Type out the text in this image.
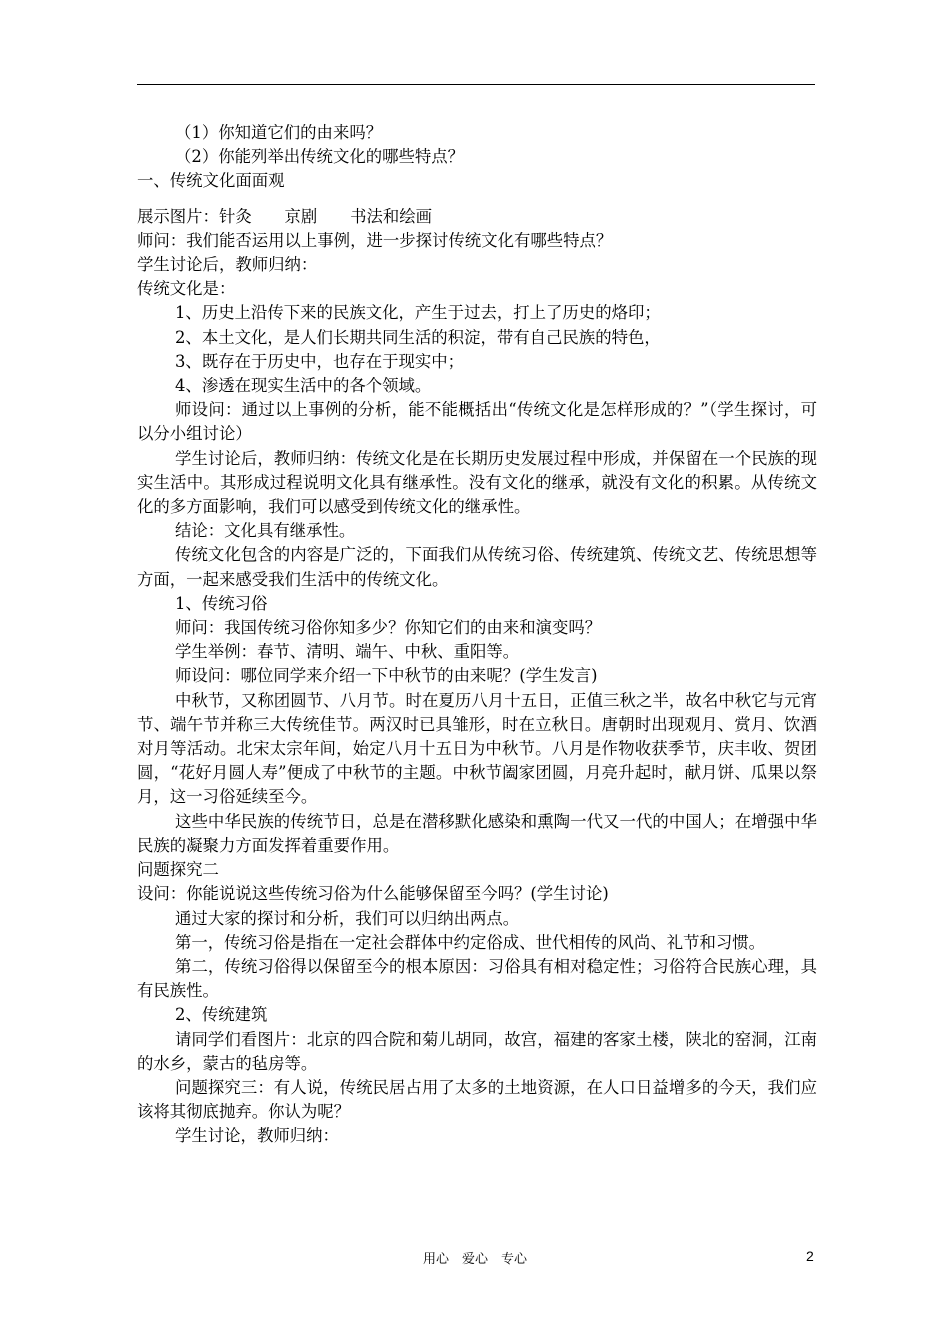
（1）你知道它们的由来吗？

（2）你能列举出传统文化的哪些特点？

一、传统文化面面观

展示图片：针灸　　京剧　　书法和绘画

师问：我们能否运用以上事例，进一步探讨传统文化有哪些特点？

学生讨论后，教师归纳：

传统文化是：

1、历史上沿传下来的民族文化，产生于过去，打上了历史的烙印；

2、本土文化，是人们长期共同生活的积淀，带有自己民族的特色，

3、既存在于历史中，也存在于现实中；

4、渗透在现实生活中的各个领域。

师设问：通过以上事例的分析，能不能概括出“传统文化是怎样形成的？”（学生探讨，可以分小组讨论）

学生讨论后，教师归纳：传统文化是在长期历史发展过程中形成，并保留在一个民族的现实生活中。其形成过程说明文化具有继承性。没有文化的继承，就没有文化的积累。从传统文化的多方面影响，我们可以感受到传统文化的继承性。

结论：文化具有继承性。

传统文化包含的内容是广泛的，下面我们从传统习俗、传统建筑、传统文艺、传统思想等方面，一起来感受我们生活中的传统文化。

1、传统习俗

师问：我国传统习俗你知多少？你知它们的由来和演变吗？

学生举例：春节、清明、端午、中秋、重阳等。

师设问：哪位同学来介绍一下中秋节的由来呢？(学生发言)

中秋节，又称团圆节、八月节。时在夏历八月十五日，正值三秋之半，故名中秋它与元宵节、端午节并称三大传统佳节。两汉时已具雏形，时在立秋日。唐朝时出现观月、赏月、饮酒对月等活动。北宋太宗年间，始定八月十五日为中秋节。八月是作物收获季节，庆丰收、贺团圆，“花好月圆人寿”便成了中秋节的主题。中秋节阖家团圆，月亮升起时，献月饼、瓜果以祭月，这一习俗延续至今。

这些中华民族的传统节日，总是在潜移默化感染和熏陶一代又一代的中国人；在增强中华民族的凝聚力方面发挥着重要作用。

问题探究二

设问：你能说说这些传统习俗为什么能够保留至今吗？(学生讨论)

通过大家的探讨和分析，我们可以归纳出两点。

第一，传统习俗是指在一定社会群体中约定俗成、世代相传的风尚、礼节和习惯。

第二，传统习俗得以保留至今的根本原因：习俗具有相对稳定性；习俗符合民族心理，具有民族性。

2、传统建筑

请同学们看图片：北京的四合院和菊儿胡同，故宫，福建的客家土楼，陕北的窑洞，江南的水乡，蒙古的毡房等。

问题探究三：有人说，传统民居占用了太多的土地资源，在人口日益增多的今天，我们应该将其彻底抛弃。你认为呢？

学生讨论，教师归纳：

用心　爱心　专心	2
